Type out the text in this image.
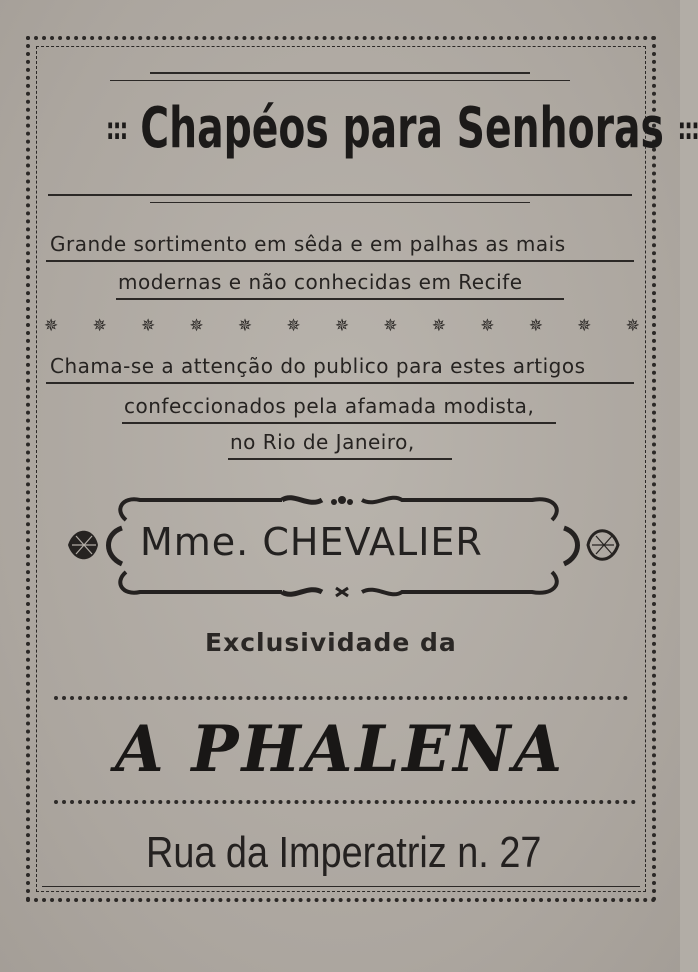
::: Chapéos para Senhoras :::
Grande sortimento em sêda e em palhas as mais
modernas e não conhecidas em Recife
✵ ✵ ✵ ✵ ✵ ✵ ✵ ✵ ✵ ✵ ✵ ✵ ✵
Chama-se a attenção do publico para estes artigos
confeccionados pela afamada modista,
no Rio de Janeiro,
Mme. CHEVALIER
Exclusividade da
A PHALENA
Rua da Imperatriz n. 27
